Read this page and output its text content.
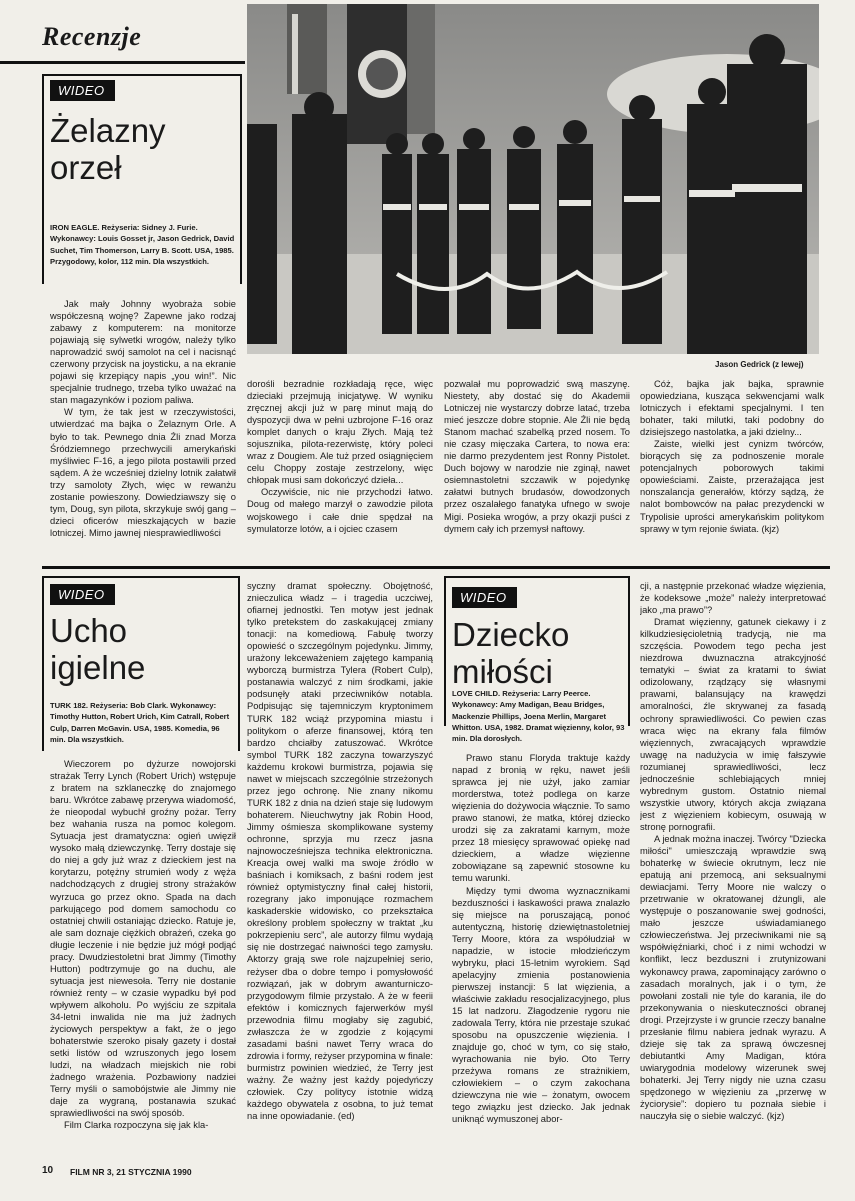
Recenzje
Jason Gedrick (z lewej)
WIDEO
Żelazny
orzeł
IRON EAGLE. Reżyseria: Sidney J. Furie. Wykonawcy: Louis Gosset jr, Jason Gedrick, David Suchet, Tim Thomerson, Larry B. Scott. USA, 1985. Przygodowy, kolor, 112 min. Dla wszystkich.

Jak mały Johnny wyobraża sobie współczesną wojnę? Zapewne jako rodzaj zabawy z komputerem: na monitorze pojawiają się sylwetki wrogów, należy tylko naprowadzić swój samolot na cel i nacisnąć czerwony przycisk na joysticku, a na ekranie pojawi się krzepiący napis „you win!”. Nic specjalnie trudnego, trzeba tylko uważać na stan magazynków i poziom paliwa.

W tym, że tak jest w rzeczywistości, utwierdzać ma bajka o Żelaznym Orle. A było to tak. Pewnego dnia Źli znad Morza Śródziemnego przechwycili amerykański myśliwiec F-16, a jego pilota postawili przed sądem. A że wcześniej dzielny lotnik załatwił trzy samoloty Złych, więc w rewanżu zostanie powieszony. Dowiedziawszy się o tym, Doug, syn pilota, skrzykuje swój gang – dzieci oficerów mieszkających w bazie lotniczej. Mimo jawnej niesprawiedliwości

dorośli bezradnie rozkładają ręce, więc dzieciaki przejmują inicjatywę. W wyniku zręcznej akcji już w parę minut mają do dyspozycji dwa w pełni uzbrojone F-16 oraz komplet danych o kraju Złych. Mają też sojusznika, pilota-rezerwistę, który poleci wraz z Dougiem. Ale tuż przed osiągnięciem celu Choppy zostaje zestrzelony, więc chłopak musi sam dokończyć dzieła...

Oczywiście, nic nie przychodzi łatwo. Doug od małego marzył o zawodzie pilota wojskowego i całe dnie spędzał na symulatorze lotów, a i ojciec czasem

pozwalał mu poprowadzić swą maszynę. Niestety, aby dostać się do Akademii Lotniczej nie wystarczy dobrze latać, trzeba mieć jeszcze dobre stopnie. Ale Źli nie będą Stanom machać szabelką przed nosem. To nie czasy mięczaka Cartera, to nowa era: nie darmo prezydentem jest Ronny Pistolet. Duch bojowy w narodzie nie zginął, nawet osiemnastoletni szczawik w pojedynkę załatwi butnych brudasów, dowodzonych przez oszalałego fanatyka ufnego w swoje Migi. Posieka wrogów, a przy okazji puści z dymem cały ich przemysł naftowy.

Cóż, bajka jak bajka, sprawnie opowiedziana, kusząca sekwencjami walk lotniczych i efektami specjalnymi. I ten bohater, taki milutki, taki podobny do dzisiejszego nastolatka, a jaki dzielny...

Zaiste, wielki jest cynizm twórców, biorących się za podnoszenie morale potencjalnych poborowych takimi opowieściami. Zaiste, przerażająca jest nonszalancja generałów, którzy sądzą, że nalot bombowców na pałac prezydencki w Trypolisie uprości amerykańskim politykom sprawy w tym rejonie świata. (kjz)

WIDEO
Ucho
igielne
TURK 182. Reżyseria: Bob Clark. Wykonawcy: Timothy Hutton, Robert Urich, Kim Catrall, Robert Culp, Darren McGavin. USA, 1985. Komedia, 96 min. Dla wszystkich.

Wieczorem po dyżurze nowojorski strażak Terry Lynch (Robert Urich) wstępuje z bratem na szklaneczkę do znajomego baru. Wkrótce zabawę przerywa wiadomość, że nieopodal wybuchł groźny pożar. Terry bez wahania rusza na pomoc kolegom. Sytuacja jest dramatyczna: ogień uwięził wysoko małą dziewczynkę. Terry dostaje się do niej a gdy już wraz z dzieckiem jest na korytarzu, potężny strumień wody z węża nadchodzących z drugiej strony strażaków wyrzuca go przez okno. Spada na dach parkującego pod domem samochodu co ostatniej chwili ostaniając dziecko. Ratuje je, ale sam doznaje ciężkich obrażeń, czeka go długie leczenie i nie będzie już mógł podjąć pracy. Dwudziestoletni brat Jimmy (Timothy Hutton) podtrzymuje go na duchu, ale sytuacja jest niewesoła. Terry nie dostanie również renty – w czasie wypadku był pod wpływem alkoholu. Po wyjściu ze szpitala 34-letni inwalida nie ma już żadnych życiowych perspektyw a fakt, że o jego bohaterstwie szeroko pisały gazety i dostał setki listów od wzruszonych jego losem ludzi, na władzach miejskich nie robi żadnego wrażenia. Pozbawiony nadziei Terry myśli o samobójstwie ale Jimmy nie daje za wygraną, postanawia szukać sprawiedliwości na swój sposób.

Film Clarka rozpoczyna się jak kla-

syczny dramat społeczny. Obojętność, znieczulica władz – i tragedia uczciwej, ofiarnej jednostki. Ten motyw jest jednak tylko pretekstem do zaskakującej zmiany tonacji: na komediową. Fabułę tworzy opowieść o szczególnym pojedynku. Jimmy, urażony lekceważeniem zajętego kampanią wyborczą burmistrza Tylera (Robert Culp), postanawia walczyć z nim środkami, jakie podsunęły ataki przeciwników notabla. Podpisując się tajemniczym kryptonimem TURK 182 wciąż przypomina miastu i politykom o aferze finansowej, którą ten bardzo chciałby zatuszować. Wkrótce symbol TURK 182 zaczyna towarzyszyć każdemu krokowi burmistrza, pojawia się nawet w miejscach szczególnie strzeżonych przez jego ochronę. Nie znany nikomu TURK 182 z dnia na dzień staje się ludowym bohaterem. Nieuchwytny jak Robin Hood, Jimmy ośmiesza skomplikowane systemy ochronne, sprzyja mu rzecz jasna najnowocześniejsza technika elektroniczna. Kreacja owej walki ma swoje źródło w baśniach i komiksach, z baśni rodem jest również optymistyczny finał całej historii, rozegrany jako imponujące rozmachem kaskaderskie widowisko, co przekształca określony problem społeczny w traktat „ku pokrzepieniu serc”, ale autorzy filmu wydają się nie dostrzegać naiwności tego zamysłu. Aktorzy grają swe role najzupełniej serio, reżyser dba o dobre tempo i pomysłowość rozwiązań, jak w dobrym awanturniczo-przygodowym filmie przystało. A że w feerii efektów i komicznych fajerwerków myśl przewodnia filmu mogłaby się zagubić, zwłaszcza że w zgodzie z kojącymi zasadami baśni nawet Terry wraca do zdrowia i formy, reżyser przypomina w finale: burmistrz powinien wiedzieć, że Terry jest ważny. Że ważny jest każdy pojedyńczy człowiek. Czy politycy istotnie widzą każdego obywatela z osobna, to już temat na inne opowiadanie. (ed)

WIDEO
Dziecko
miłości
LOVE CHILD. Reżyseria: Larry Peerce. Wykonawcy: Amy Madigan, Beau Bridges, Mackenzie Phillips, Joena Merlin, Margaret Whitton. USA, 1982. Dramat więzienny, kolor, 93 min. Dla dorosłych.

Prawo stanu Floryda traktuje każdy napad z bronią w ręku, nawet jeśli sprawca jej nie użył, jako zamiar morderstwa, toteż podlega on karze więzienia do dożywocia włącznie. To samo prawo stanowi, że matka, której dziecko urodzi się za zakratami karnym, może przez 18 miesięcy sprawować opiekę nad dzieckiem, a władze więzienne zobowiązane są zapewnić stosowne ku temu warunki.

Między tymi dwoma wyznacznikami bezduszności i łaskawości prawa znalazło się miejsce na poruszającą, ponoć autentyczną, historię dziewiętnastoletniej Terry Moore, która za współudział w napadzie, w istocie młodzieńczym wybryku, płaci 15-letnim wyrokiem. Sąd apelacyjny zmienia postanowienia pierwszej instancji: 5 lat więzienia, a właściwie zakładu resocjalizacyjnego, plus 15 lat nadzoru. Złagodzenie rygoru nie zadowala Terry, która nie przestaje szukać sposobu na opuszczenie więzienia. I znajduje go, choć w tym, co się stało, wyrachowania nie było. Oto Terry przeżywa romans ze strażnikiem, człowiekiem – o czym zakochana dziewczyna nie wie – żonatym, owocem tego związku jest dziecko. Jak jednak uniknąć wymuszonej abor-

cji, a następnie przekonać władze więzienia, że kodeksowe „może” należy interpretować jako „ma prawo”?

Dramat więzienny, gatunek ciekawy i z kilkudziesięcioletnią tradycją, nie ma szczęścia. Powodem tego pecha jest niezdrowa dwuznaczna atrakcyjność tematyki – świat za kratami to świat odizolowany, rządzący się własnymi prawami, balansujący na krawędzi amoralności, źle skrywanej za fasadą ochrony sprawiedliwości. Co pewien czas wraca więc na ekrany fala filmów więziennych, zwracających wprawdzie uwagę na nadużycia w imię fałszywie rozumianej sprawiedliwości, lecz jednocześnie schlebiających mniej wybrednym gustom. Ostatnio niemal wszystkie utwory, których akcja związana jest z więzieniem kobiecym, osuwają w stronę pornografii.

A jednak można inaczej. Twórcy "Dziecka miłości" umieszczają wprawdzie swą bohaterkę w świecie okrutnym, lecz nie epatują ani przemocą, ani seksualnymi dewiacjami. Terry Moore nie walczy o przetrwanie w okratowanej dżungli, ale występuje o poszanowanie swej godności, mało jeszcze uświadamianego człowieczeństwa. Jej przeciwnikami nie są współwięźniarki, choć i z nimi wchodzi w konflikt, lecz bezduszni i zrutynizowani wykonawcy prawa, zapominający zarówno o zasadach moralnych, jak i o tym, że powołani zostali nie tyle do karania, ile do przekonywania o nieskuteczności obranej drogi. Przejrzyste i w gruncie rzeczy banalne przesłanie filmu nabiera jednak wyrazu. A dzieje się tak za sprawą ówczesnej debiutantki Amy Madigan, która uwiarygodnia modelowy wizerunek swej bohaterki. Jej Terry nigdy nie uzna czasu spędzonego w więzieniu za „przerwę w życiorysie”: dopiero tu poznała siebie i nauczyła się o siebie walczyć. (kjz)

10 FILM NR 3, 21 STYCZNIA 1990
